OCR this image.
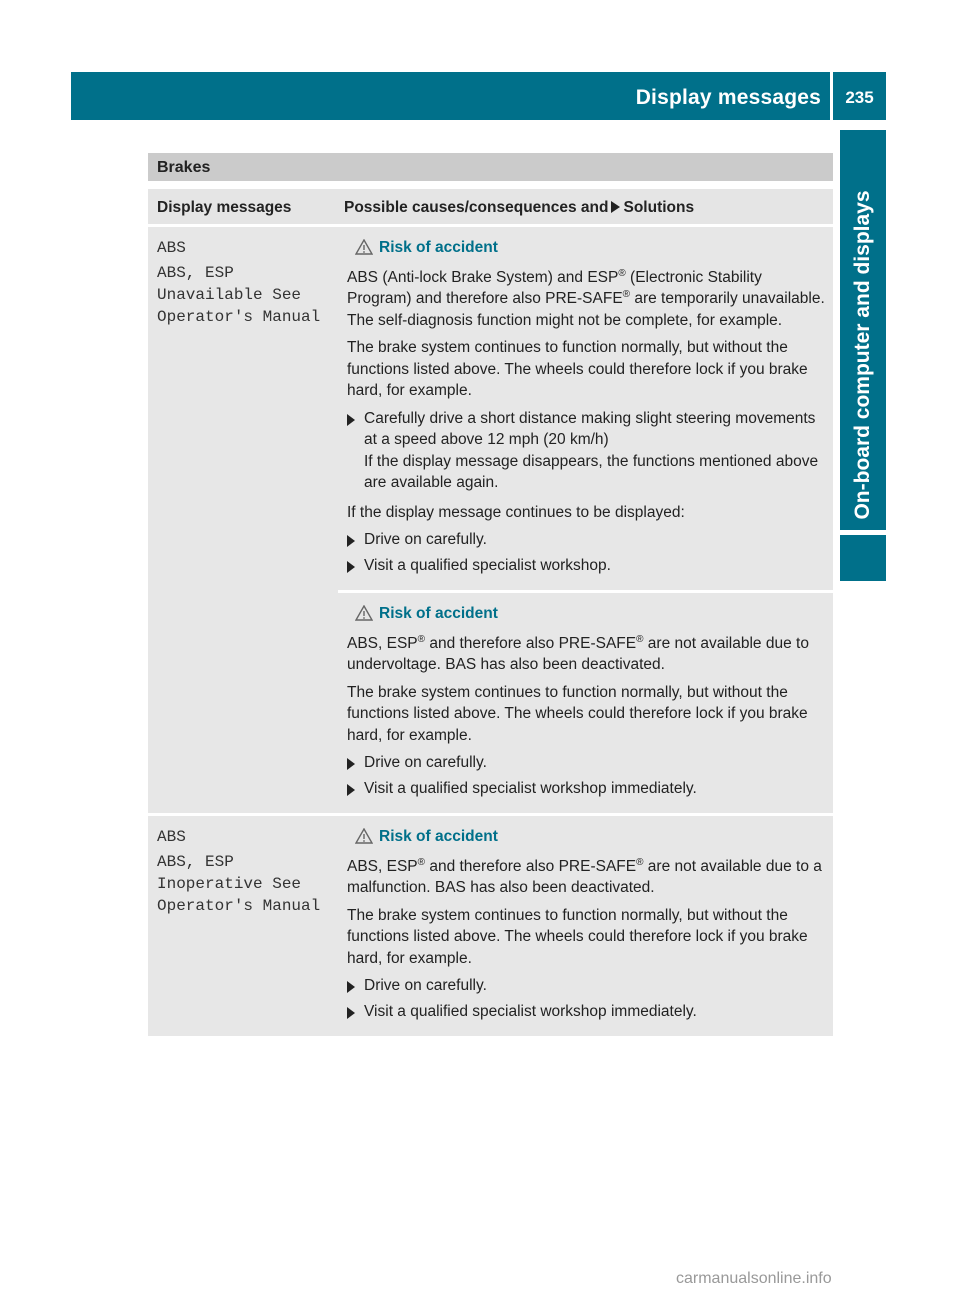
Display messages	235
On-board computer and displays
Brakes
Display messages	Possible causes/consequences and Solutions
ABS
ABS, ESP
Unavailable See
Operator's Manual
Risk of accident

ABS (Anti-lock Brake System) and ESP® (Electronic Stability Program) and therefore also PRE-SAFE® are temporarily unavailable. The self-diagnosis function might not be complete, for example.

The brake system continues to function normally, but without the functions listed above. The wheels could therefore lock if you brake hard, for example.

Carefully drive a short distance making slight steering movements at a speed above 12 mph (20 km/h)
If the display message disappears, the functions mentioned above are available again.

If the display message continues to be displayed:

Drive on carefully.
Visit a qualified specialist workshop.
Risk of accident

ABS, ESP® and therefore also PRE-SAFE® are not available due to undervoltage. BAS has also been deactivated.

The brake system continues to function normally, but without the functions listed above. The wheels could therefore lock if you brake hard, for example.

Drive on carefully.
Visit a qualified specialist workshop immediately.
ABS
ABS, ESP
Inoperative See
Operator's Manual
Risk of accident

ABS, ESP® and therefore also PRE-SAFE® are not available due to a malfunction. BAS has also been deactivated.

The brake system continues to function normally, but without the functions listed above. The wheels could therefore lock if you brake hard, for example.

Drive on carefully.
Visit a qualified specialist workshop immediately.
carmanualsonline.info
